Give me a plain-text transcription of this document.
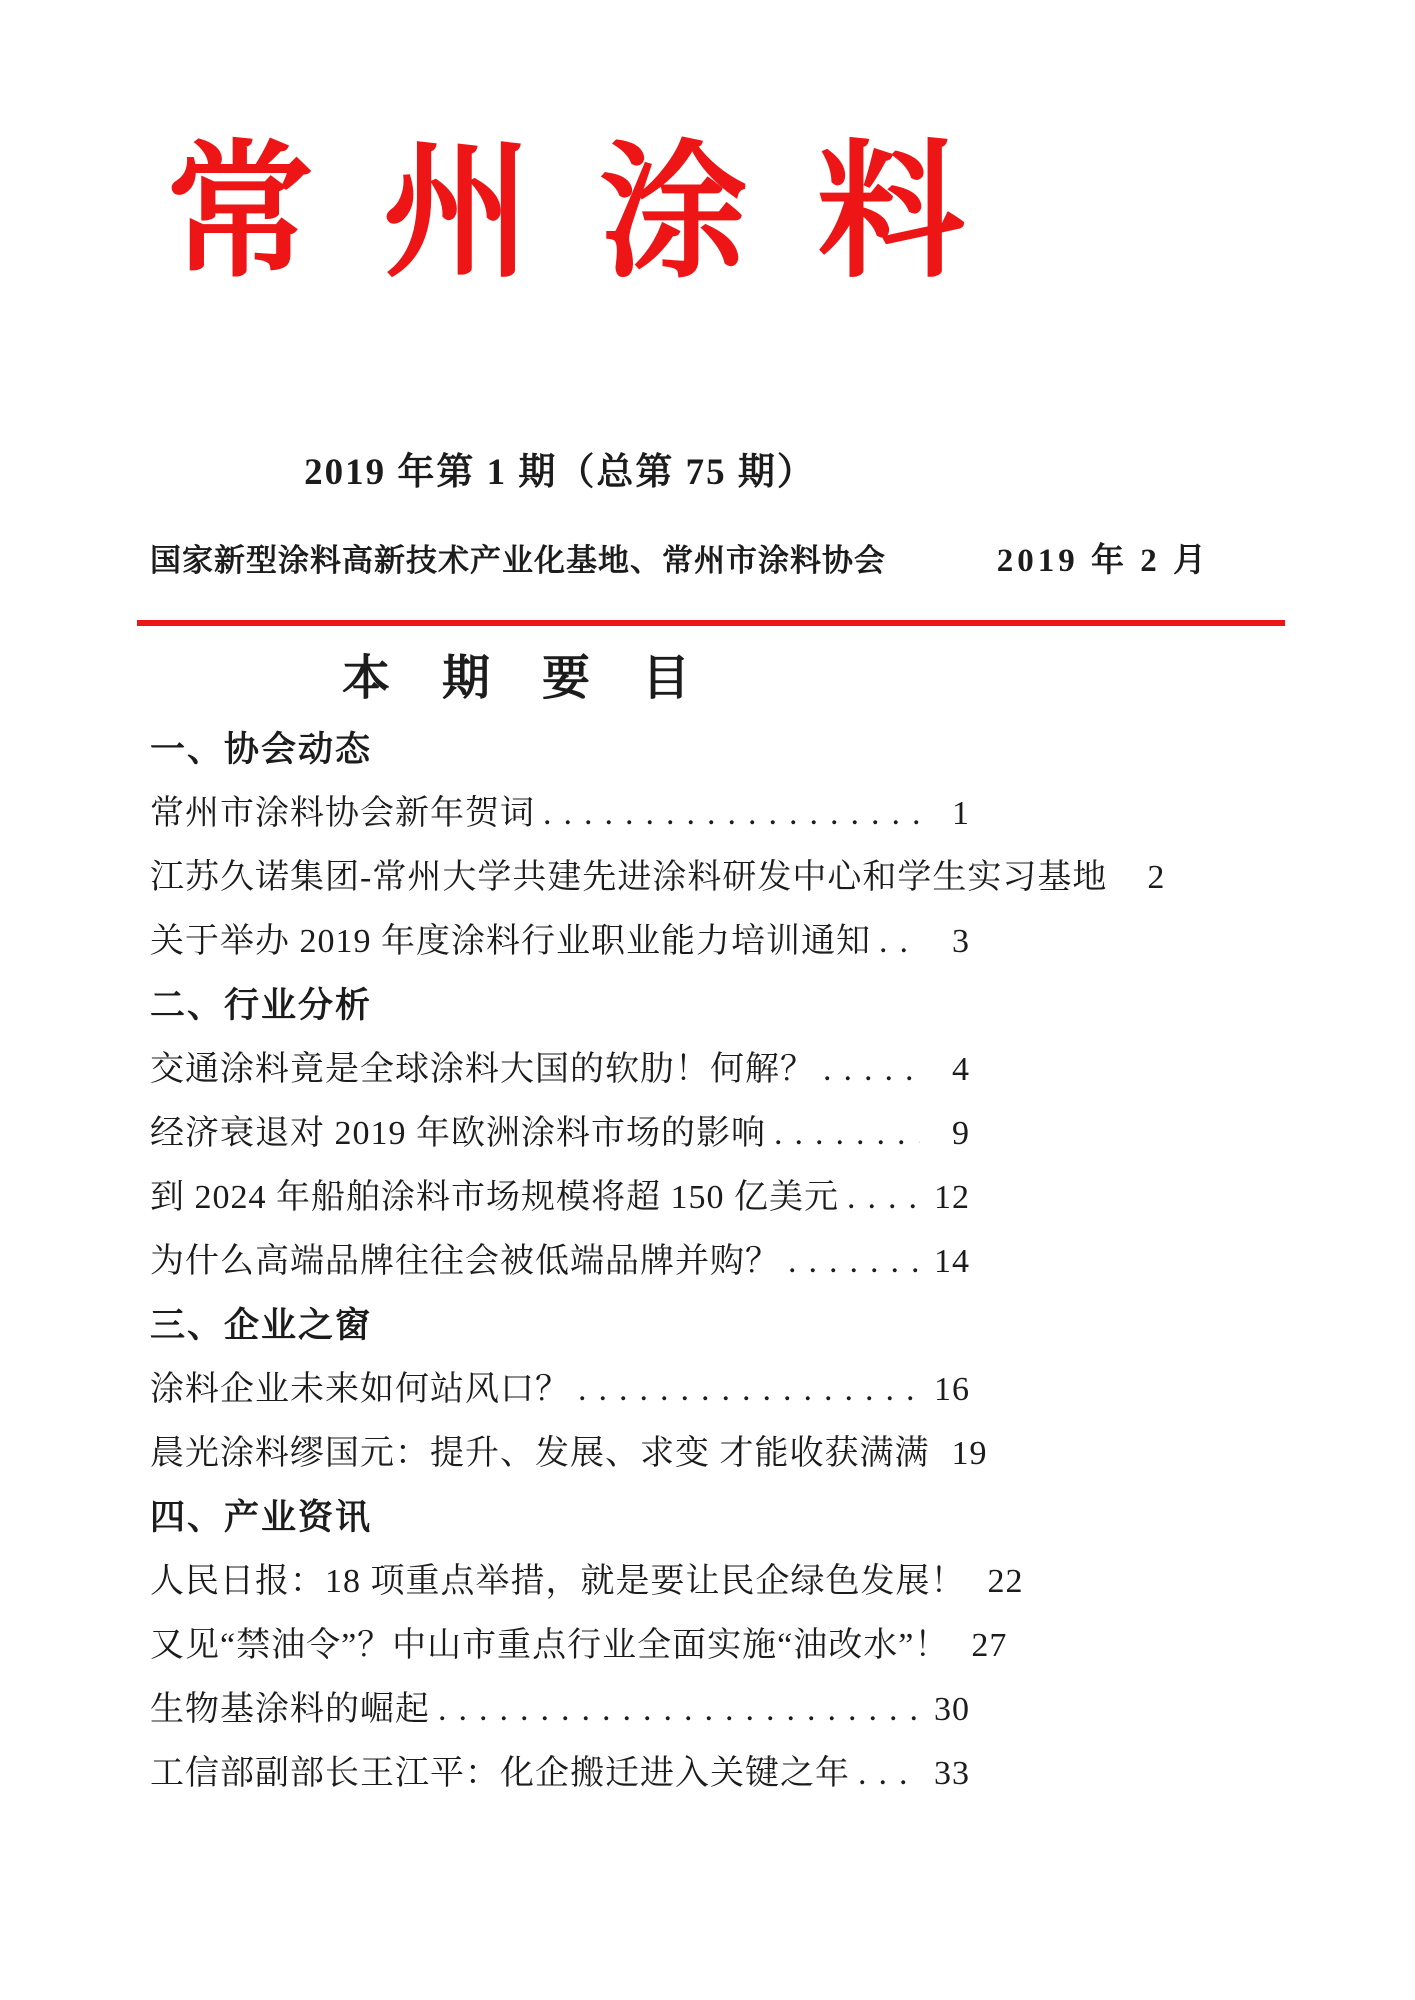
常 州 涂 料
2019 年第 1 期（总第 75 期）
国家新型涂料高新技术产业化基地、常州市涂料协会	2019 年 2 月
本 期 要 目
一、协会动态
常州市涂料协会新年贺词 .....	1
江苏久诺集团-常州大学共建先进涂料研发中心和学生实习基地	2
关于举办 2019 年度涂料行业职业能力培训通知 .....	3
二、行业分析
交通涂料竟是全球涂料大国的软肋！何解？ .....	4
经济衰退对 2019 年欧洲涂料市场的影响 .....	9
到 2024 年船舶涂料市场规模将超 150 亿美元 .....	12
为什么高端品牌往往会被低端品牌并购？ .....	14
三、企业之窗
涂料企业未来如何站风口？ .....	16
晨光涂料缪国元：提升、发展、求变 才能收获满满 19
四、产业资讯
人民日报：18 项重点举措，就是要让民企绿色发展！ 22
又见“禁油令”？中山市重点行业全面实施“油改水”！ 27
生物基涂料的崛起 .....	30
工信部副部长王江平：化企搬迁进入关键之年 ..... 33
